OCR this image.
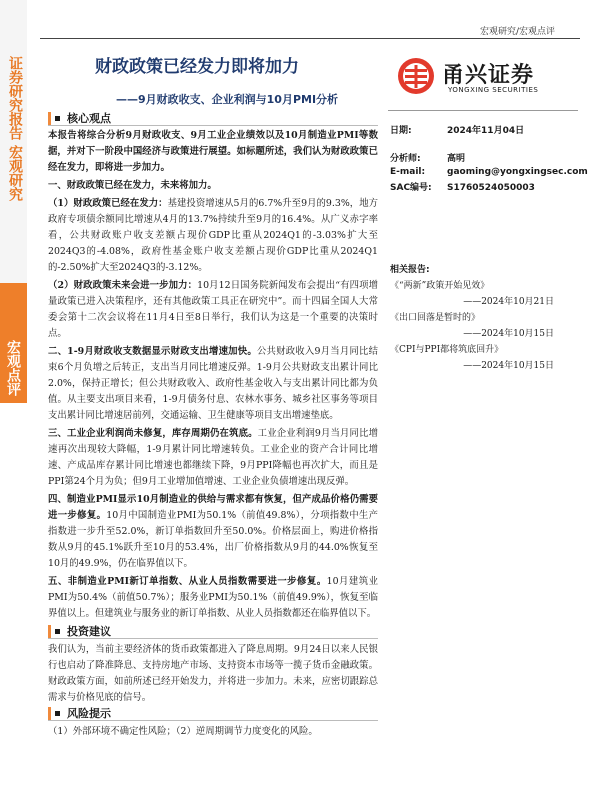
证券研究报告
宏观研究
宏观点评
宏观研究/宏观点评
财政政策已经发力即将加力
——9月财政收支、企业利润与10月PMI分析
甬兴证券
YONGXING SECURITIES
日期:	2024年11月04日
分析师:	高明
E-mail: gaoming@yongxingsec.com
SAC编号: S1760524050003
相关报告:
《“两新”政策开始见效》
——2024年10月21日
《出口回落是暂时的》
——2024年10月15日
《CPI与PPI都将筑底回升》
——2024年10月15日
核心观点
本报告将综合分析9月财政收支、9月工业企业绩效以及10月制造业PMI等数据，并对下一阶段中国经济与政策进行展望。如标题所述，我们认为财政政策已经在发力，即将进一步加力。
一、财政政策已经在发力，未来将加力。
（1）财政政策已经在发力：基建投资增速从5月的6.7%升至9月的9.3%，地方政府专项债余额同比增速从4月的13.7%持续升至9月的16.4%。从广义赤字率看，公共财政账户收支差额占现价GDP比重从2024Q1的-3.03%扩大至2024Q3的-4.08%，政府性基金账户收支差额占现价GDP比重从2024Q1的-2.50%扩大至2024Q3的-3.12%。
（2）财政政策未来会进一步加力：10月12日国务院新闻发布会提出“有四项增量政策已进入决策程序，还有其他政策工具正在研究中”。而十四届全国人大常委会第十二次会议将在11月4日至8日举行，我们认为这是一个重要的决策时点。
二、1-9月财政收支数据显示财政支出增速加快。公共财政收入9月当月同比结束6个月负增之后转正，支出当月同比增速反弹。1-9月公共财政支出累计同比2.0%，保持正增长；但公共财政收入、政府性基金收入与支出累计同比都为负值。从主要支出项目来看，1-9月债务付息、农林水事务、城乡社区事务等项目支出累计同比增速居前列，交通运输、卫生健康等项目支出增速垫底。
三、工业企业利润尚未修复，库存周期仍在筑底。工业企业利润9月当月同比增速再次出现较大降幅，1-9月累计同比增速转负。工业企业的资产合计同比增速、产成品库存累计同比增速也都继续下降，9月PPI降幅也再次扩大，而且是PPI第24个月为负；但9月工业增加值增速、工业企业负债增速出现反弹。
四、制造业PMI显示10月制造业的供给与需求都有恢复，但产成品价格仍需要进一步修复。10月中国制造业PMI为50.1%（前值49.8%），分项指数中生产指数进一步升至52.0%，新订单指数回升至50.0%。价格层面上，购进价格指数从9月的45.1%跃升至10月的53.4%，出厂价格指数从9月的44.0%恢复至10月的49.9%，仍在临界值以下。
五、非制造业PMI新订单指数、从业人员指数需要进一步修复。10月建筑业PMI为50.4%（前值50.7%）；服务业PMI为50.1%（前值49.9%），恢复至临界值以上。但建筑业与服务业的新订单指数、从业人员指数都还在临界值以下。
投资建议
我们认为，当前主要经济体的货币政策都进入了降息周期。9月24日以来人民银行也启动了降准降息、支持房地产市场、支持资本市场等一揽子货币金融政策。财政政策方面，如前所述已经开始发力，并将进一步加力。未来，应密切跟踪总需求与价格见底的信号。
风险提示
（1）外部环境不确定性风险；（2）逆周期调节力度变化的风险。
